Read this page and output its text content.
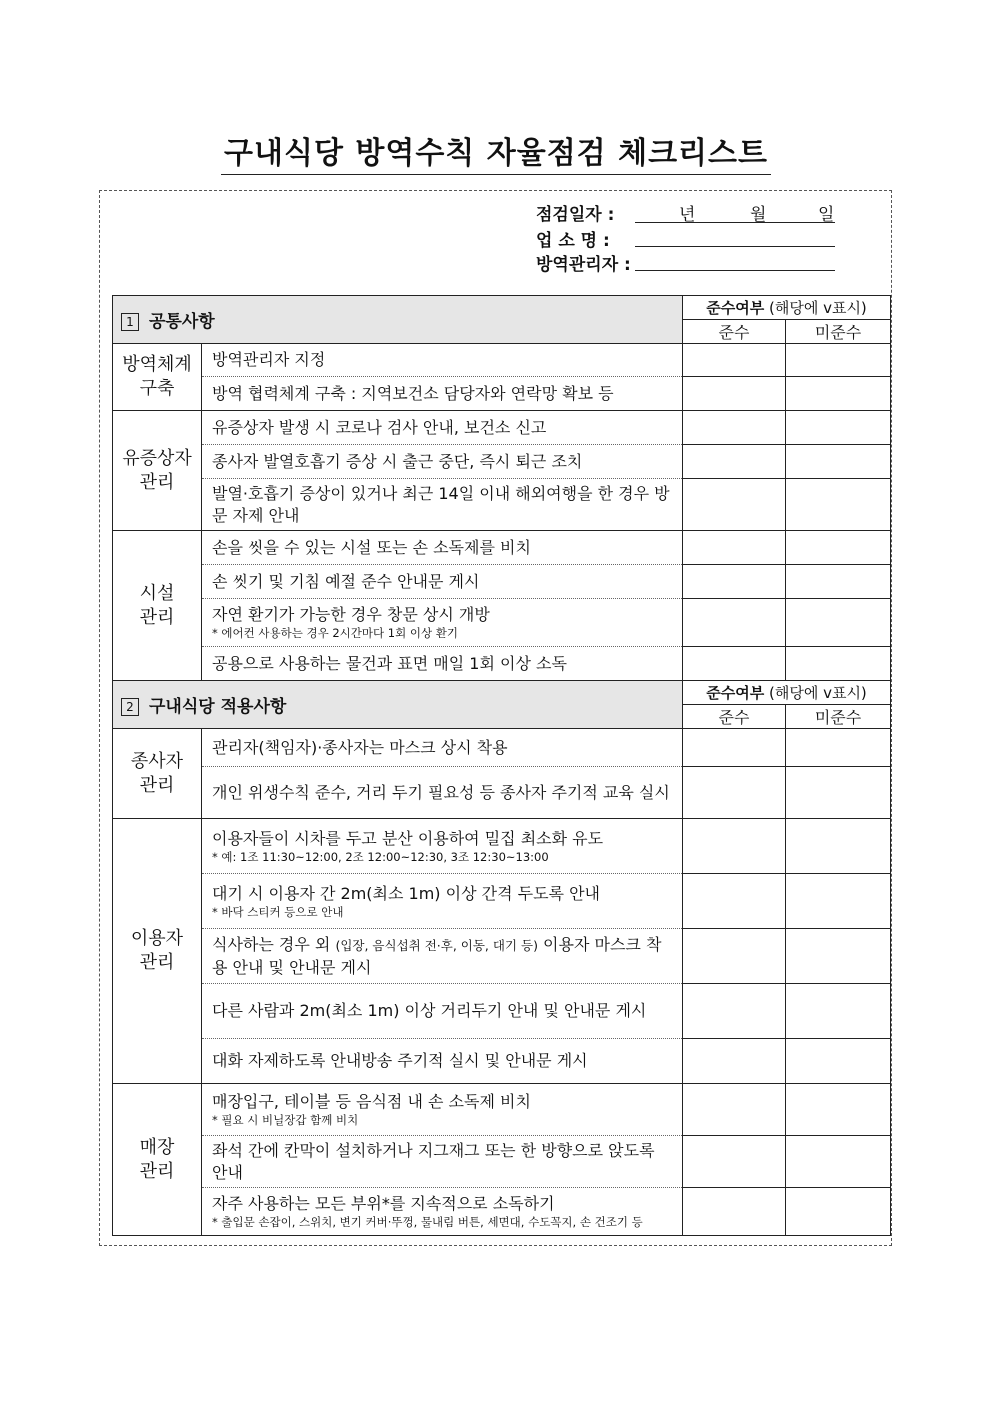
구내식당 방역수칙 자율점검 체크리스트
점검일자 :	년	월	일
업 소 명 :
방역관리자 :
1 공통사항		준수여부 (해당에 v표시)	
		준수	미준수
방역체계
구축	방역관리자 지정		
	방역 협력체계 구축 : 지역보건소 담당자와 연락망 확보 등		
유증상자
관리	유증상자 발생 시 코로나 검사 안내, 보건소 신고		
	종사자 발열호흡기 증상 시 출근 중단, 즉시 퇴근 조치		
	발열·호흡기 증상이 있거나 최근 14일 이내 해외여행을 한 경우 방문 자제 안내		
시설
관리	손을 씻을 수 있는 시설 또는 손 소독제를 비치		
	손 씻기 및 기침 예절 준수 안내문 게시		
	자연 환기가 가능한 경우 창문 상시 개방
* 에어컨 사용하는 경우 2시간마다 1회 이상 환기		

	공용으로 사용하는 물건과 표면 매일 1회 이상 소독		
2 구내식당 적용사항		준수여부 (해당에 v표시)	
		준수	미준수
종사자
관리	관리자(책임자)·종사자는 마스크 상시 착용		
	개인 위생수칙 준수, 거리 두기 필요성 등 종사자 주기적 교육 실시		
이용자
관리	이용자들이 시차를 두고 분산 이용하여 밀집 최소화 유도
* 예: 1조 11:30~12:00, 2조 12:00~12:30, 3조 12:30~13:00		

	대기 시 이용자 간 2m(최소 1m) 이상 간격 두도록 안내
* 바닥 스티커 등으로 안내		

	식사하는 경우 외 (입장, 음식섭취 전·후, 이동, 대기 등) 이용자 마스크 착용 안내 및 안내문 게시		
	다른 사람과 2m(최소 1m) 이상 거리두기 안내 및 안내문 게시		
	대화 자제하도록 안내방송 주기적 실시 및 안내문 게시		
매장
관리	매장입구, 테이블 등 음식점 내 손 소독제 비치
* 필요 시 비닐장갑 함께 비치		

	좌석 간에 칸막이 설치하거나 지그재그 또는 한 방향으로 앉도록 안내		
	자주 사용하는 모든 부위*를 지속적으로 소독하기
* 출입문 손잡이, 스위치, 변기 커버·뚜껑, 물내림 버튼, 세면대, 수도꼭지, 손 건조기 등		
